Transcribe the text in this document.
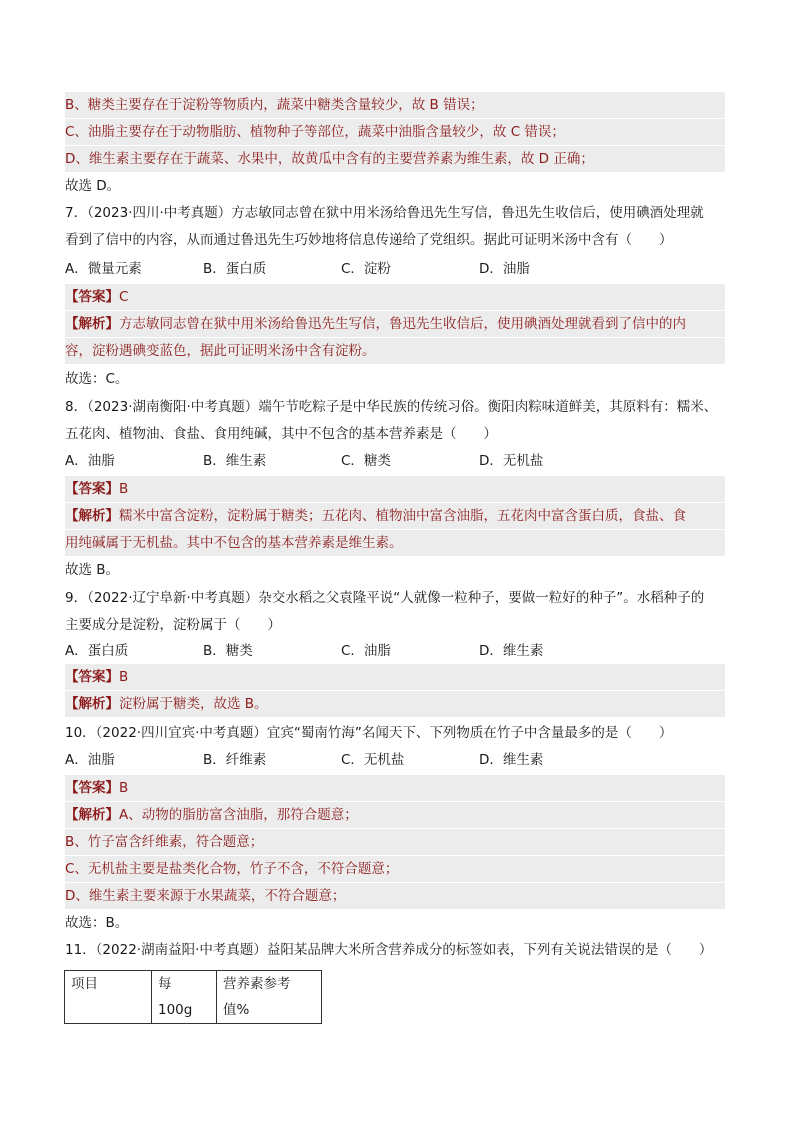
B、糖类主要存在于淀粉等物质内，蔬菜中糖类含量较少，故 B 错误；
C、油脂主要存在于动物脂肪、植物种子等部位，蔬菜中油脂含量较少，故 C 错误；
D、维生素主要存在于蔬菜、水果中，故黄瓜中含有的主要营养素为维生素，故 D 正确；
故选 D。
7．（2023·四川·中考真题）方志敏同志曾在狱中用米汤给鲁迅先生写信，鲁迅先生收信后，使用碘酒处理就
看到了信中的内容，从而通过鲁迅先生巧妙地将信息传递给了党组织。据此可证明米汤中含有（　　）
A．微量元素	B．蛋白质	C．淀粉	D．油脂
【答案】C
【解析】方志敏同志曾在狱中用米汤给鲁迅先生写信，鲁迅先生收信后，使用碘酒处理就看到了信中的内
容，淀粉遇碘变蓝色，据此可证明米汤中含有淀粉。
故选：C。
8．（2023·湖南衡阳·中考真题）端午节吃粽子是中华民族的传统习俗。衡阳肉粽味道鲜美，其原料有：糯米、
五花肉、植物油、食盐、食用纯碱，其中不包含的基本营养素是（　　）
A．油脂	B．维生素	C．糖类	D．无机盐
【答案】B
【解析】糯米中富含淀粉，淀粉属于糖类；五花肉、植物油中富含油脂，五花肉中富含蛋白质，食盐、食
用纯碱属于无机盐。其中不包含的基本营养素是维生素。
故选 B。
9．（2022·辽宁阜新·中考真题）杂交水稻之父袁隆平说“人就像一粒种子，要做一粒好的种子”。水稻种子的
主要成分是淀粉，淀粉属于（　　）
A．蛋白质	B．糖类	C．油脂	D．维生素
【答案】B
【解析】淀粉属于糖类，故选 B。
10．（2022·四川宜宾·中考真题）宜宾“蜀南竹海”名闻天下、下列物质在竹子中含量最多的是（　　）
A．油脂	B．纤维素	C．无机盐	D．维生素
【答案】B
【解析】A、动物的脂肪富含油脂，那符合题意；
B、竹子富含纤维素，符合题意；
C、无机盐主要是盐类化合物，竹子不含，不符合题意；
D、维生素主要来源于水果蔬菜，不符合题意；
故选：B。
11．（2022·湖南益阳·中考真题）益阳某品牌大米所含营养成分的标签如表，下列有关说法错误的是（　　）
项目	每 100g	营养素参考值%
